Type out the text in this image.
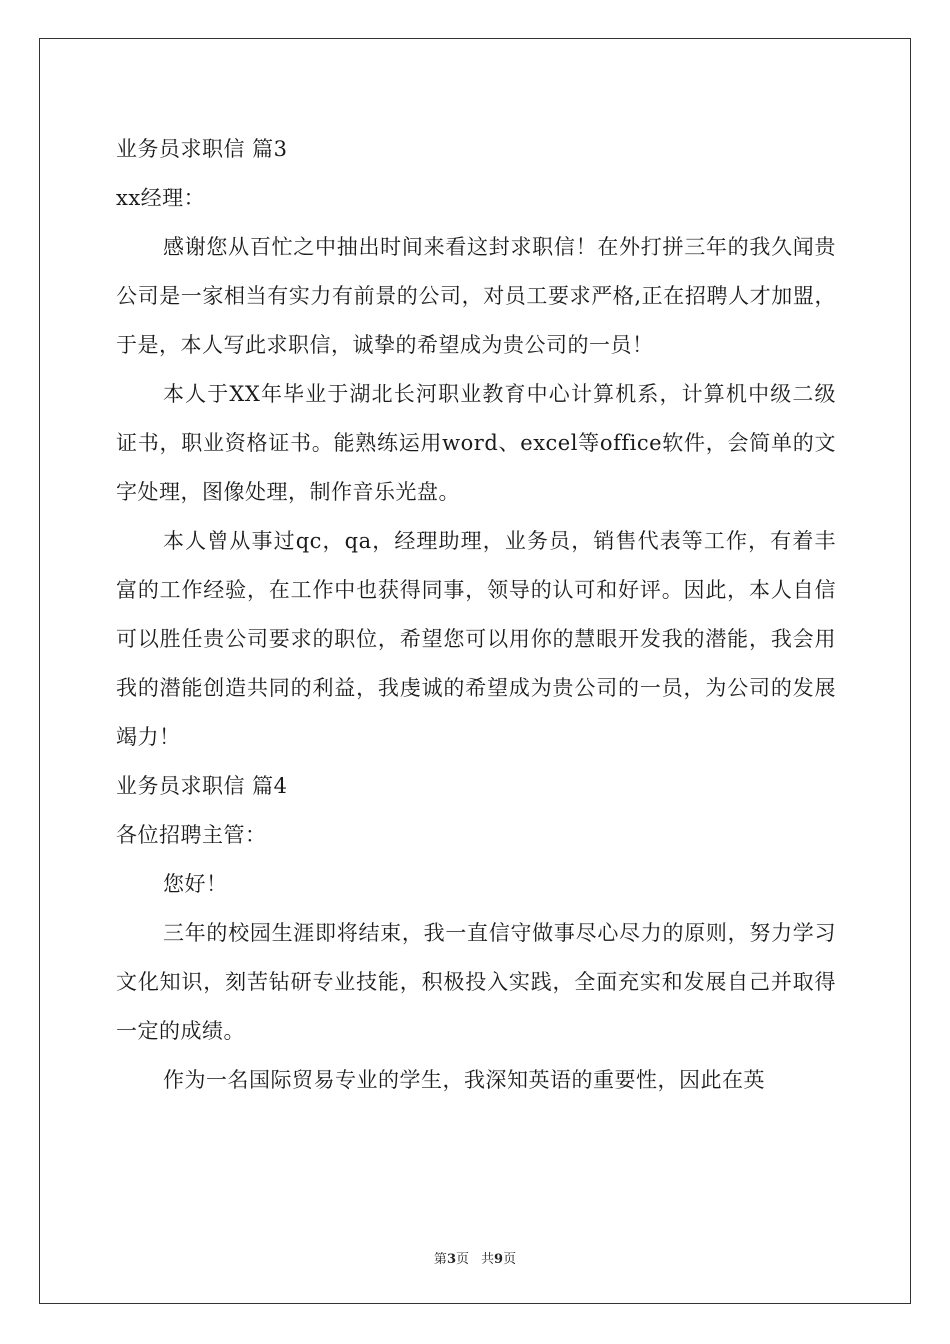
业务员求职信 篇3
xx经理：

感谢您从百忙之中抽出时间来看这封求职信！在外打拼三年的我久闻贵公司是一家相当有实力有前景的公司，对员工要求严格,正在招聘人才加盟，于是，本人写此求职信，诚挚的希望成为贵公司的一员！

本人于XX年毕业于湖北长河职业教育中心计算机系，计算机中级二级证书，职业资格证书。能熟练运用word、excel等office软件，会简单的文字处理，图像处理，制作音乐光盘。

本人曾从事过qc，qa，经理助理，业务员，销售代表等工作，有着丰富的工作经验，在工作中也获得同事，领导的认可和好评。因此，本人自信可以胜任贵公司要求的职位，希望您可以用你的慧眼开发我的潜能，我会用我的潜能创造共同的利益，我虔诚的希望成为贵公司的一员，为公司的发展竭力！

业务员求职信 篇4
各位招聘主管：

您好！

三年的校园生涯即将结束，我一直信守做事尽心尽力的原则，努力学习文化知识，刻苦钻研专业技能，积极投入实践，全面充实和发展自己并取得一定的成绩。

作为一名国际贸易专业的学生，我深知英语的重要性，因此在英

第3页 共9页
